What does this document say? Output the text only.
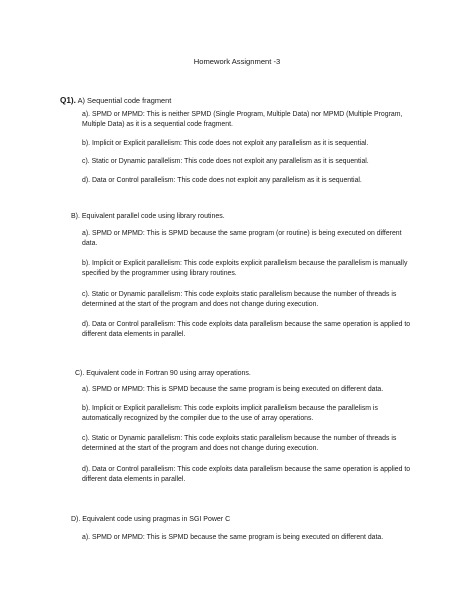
Homework Assignment -3
Q1). A) Sequential code fragment
a). SPMD or MPMD: This is neither SPMD (Single Program, Multiple Data) nor MPMD (Multiple Program, Multiple Data) as it is a sequential code fragment.
b). Implicit or Explicit parallelism: This code does not exploit any parallelism as it is sequential.
c). Static or Dynamic parallelism: This code does not exploit any parallelism as it is sequential.
d). Data or Control parallelism: This code does not exploit any parallelism as it is sequential.
B). Equivalent parallel code using library routines.
a). SPMD or MPMD: This is SPMD because the same program (or routine) is being executed on different data.
b). Implicit or Explicit parallelism: This code exploits explicit parallelism because the parallelism is manually specified by the programmer using library routines.
c). Static or Dynamic parallelism: This code exploits static parallelism because the number of threads is determined at the start of the program and does not change during execution.
d). Data or Control parallelism: This code exploits data parallelism because the same operation is applied to different data elements in parallel.
C). Equivalent code in Fortran 90 using array operations.
a). SPMD or MPMD: This is SPMD because the same program is being executed on different data.
b). Implicit or Explicit parallelism: This code exploits implicit parallelism because the parallelism is automatically recognized by the compiler due to the use of array operations.
c). Static or Dynamic parallelism: This code exploits static parallelism because the number of threads is determined at the start of the program and does not change during execution.
d). Data or Control parallelism: This code exploits data parallelism because the same operation is applied to different data elements in parallel.
D). Equivalent code using pragmas in SGI Power C
a). SPMD or MPMD: This is SPMD because the same program is being executed on different data.
